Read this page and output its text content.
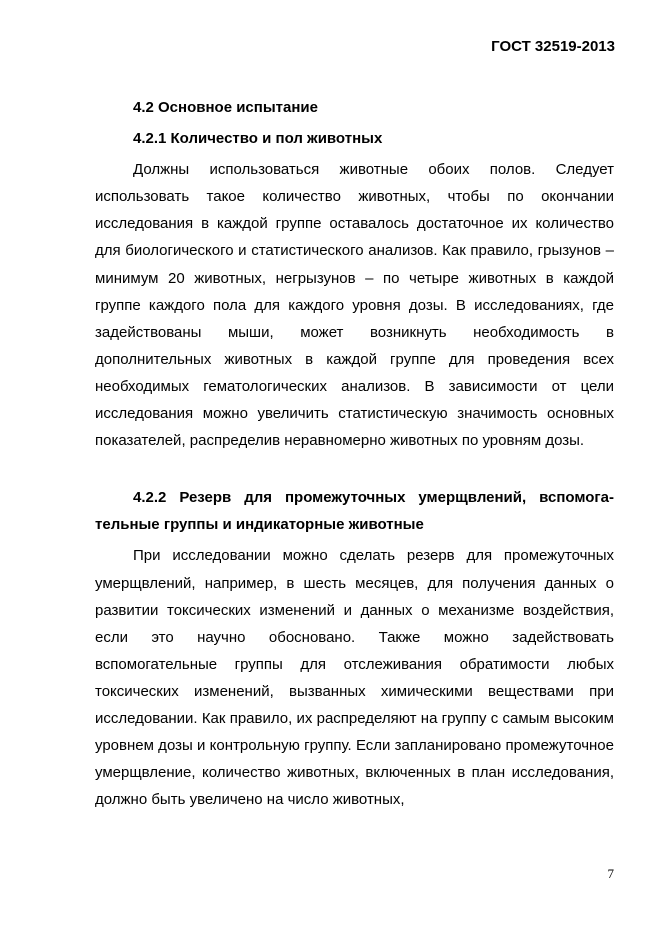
ГОСТ 32519-2013
4.2 Основное испытание
4.2.1 Количество и пол животных

Должны использоваться животные обоих полов. Следует использовать такое количество животных, чтобы по окончании исследования в каждой группе оставалось достаточное их количество для биологического и статистического анализов. Как правило, грызунов – минимум 20 животных, негрызунов – по четыре животных в каждой группе каждого пола для каждого уровня дозы. В исследованиях, где задействованы мыши, может возникнуть необходимость в дополнительных животных в каждой группе для проведения всех необходимых гематологических анализов. В зависимости от цели исследования можно увеличить статистическую значимость основных показателей, распределив неравномерно животных по уровням дозы.

4.2.2 Резерв для промежуточных умерщвлений, вспомогательные группы и индикаторные животные

При исследовании можно сделать резерв для промежуточных умерщвлений, например, в шесть месяцев, для получения данных о развитии токсических изменений и данных о механизме воздействия, если это научно обосновано. Также можно задействовать вспомогательные группы для отслеживания обратимости любых токсических изменений, вызванных химическими веществами при исследовании. Как правило, их распределяют на группу с самым высоким уровнем дозы и контрольную группу. Если запланировано промежуточное умерщвление, количество животных, включенных в план исследования, должно быть увеличено на число животных,

7
